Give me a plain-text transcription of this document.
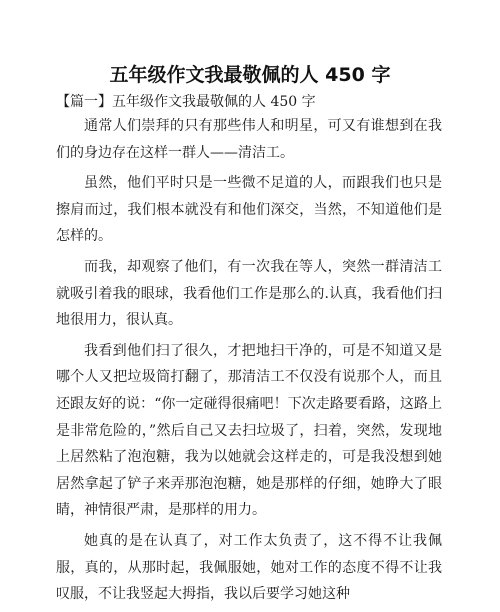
五年级作文我最敬佩的人 450 字
【篇一】五年级作文我最敬佩的人 450 字

通常人们崇拜的只有那些伟人和明星，可又有谁想到在我们的身边存在这样一群人——清洁工。

虽然，他们平时只是一些微不足道的人，而跟我们也只是擦肩而过，我们根本就没有和他们深交，当然，不知道他们是怎样的。

而我，却观察了他们，有一次我在等人，突然一群清洁工就吸引着我的眼球，我看他们工作是那么的.认真，我看他们扫地很用力，很认真。

我看到他们扫了很久，才把地扫干净的，可是不知道又是哪个人又把垃圾筒打翻了，那清洁工不仅没有说那个人，而且还跟友好的说：“你一定碰得很痛吧！下次走路要看路，这路上是非常危险的，”然后自己又去扫垃圾了，扫着，突然，发现地上居然粘了泡泡糖，我为以她就会这样走的，可是我没想到她居然拿起了铲子来弄那泡泡糖，她是那样的仔细，她睁大了眼睛，神情很严肃，是那样的用力。

她真的是在认真了，对工作太负责了，这不得不让我佩服，真的，从那时起，我佩服她，她对工作的态度不得不让我叹服，不让我竖起大拇指，我以后要学习她这种
